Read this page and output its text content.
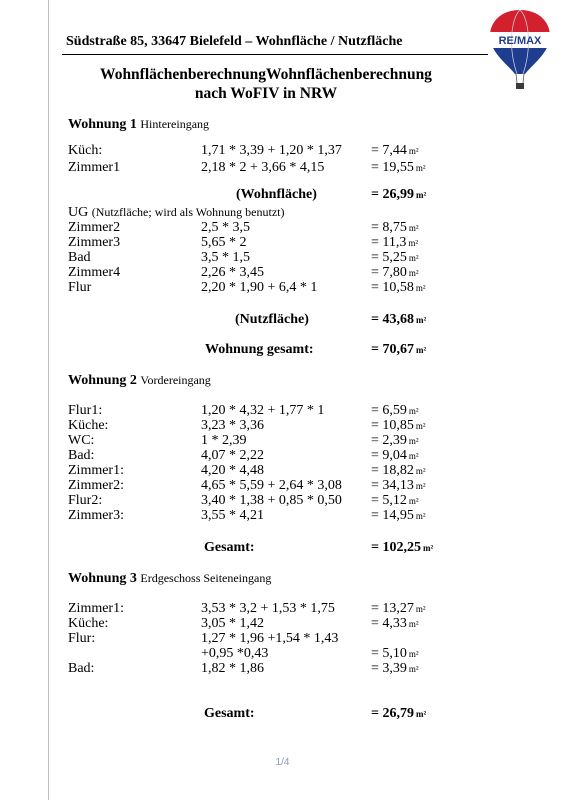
Südstraße 85, 33647 Bielefeld – Wohnfläche / Nutzfläche	RE/MAX
WohnflächenberechnungWohnflächenberechnung
nach WoFIV in NRW
Wohnung 1 Hintereingang
Küch:	1,71 * 3,39 + 1,20 * 1,37 = 7,44 m²
Zimmer1	2,18 * 2 + 3,66 * 4,15	= 19,55 m²
(Wohnfläche)	= 26,99 m²
UG (Nutzfläche; wird als Wohnung benutzt)
Zimmer2	2,5 * 3,5	= 8,75 m²
Zimmer3	5,65 * 2	= 11,3 m²
Bad	3,5 * 1,5	= 5,25 m²
Zimmer4	2,26 * 3,45	= 7,80 m²
Flur	2,20 * 1,90 + 6,4 * 1	= 10,58 m²
(Nutzfläche)	= 43,68 m²
Wohnung gesamt:	= 70,67 m²
Wohnung 2 Vordereingang
Flur1:	1,20 * 4,32 + 1,77 * 1	= 6,59 m²
Küche:	3,23 * 3,36	= 10,85 m²
WC:	1 * 2,39	= 2,39 m²
Bad:	4,07 * 2,22	= 9,04 m²
Zimmer1:	4,20 * 4,48	= 18,82 m²
Zimmer2:	4,65 * 5,59 + 2,64 * 3,08 = 34,13 m²
Flur2:	3,40 * 1,38 + 0,85 * 0,50 = 5,12 m²
Zimmer3:	3,55 * 4,21	= 14,95 m²
Gesamt:	= 102,25 m²
Wohnung 3 Erdgeschoss Seiteneingang
Zimmer1:	3,53 * 3,2 + 1,53 * 1,75	= 13,27 m²
Küche:	3,05 * 1,42	= 4,33 m²
Flur:	1,27 * 1,96 +1,54 * 1,43
+0,95 *0,43	= 5,10 m²
Bad:	1,82 * 1,86	= 3,39 m²
Gesamt:	= 26,79 m²
1/4
